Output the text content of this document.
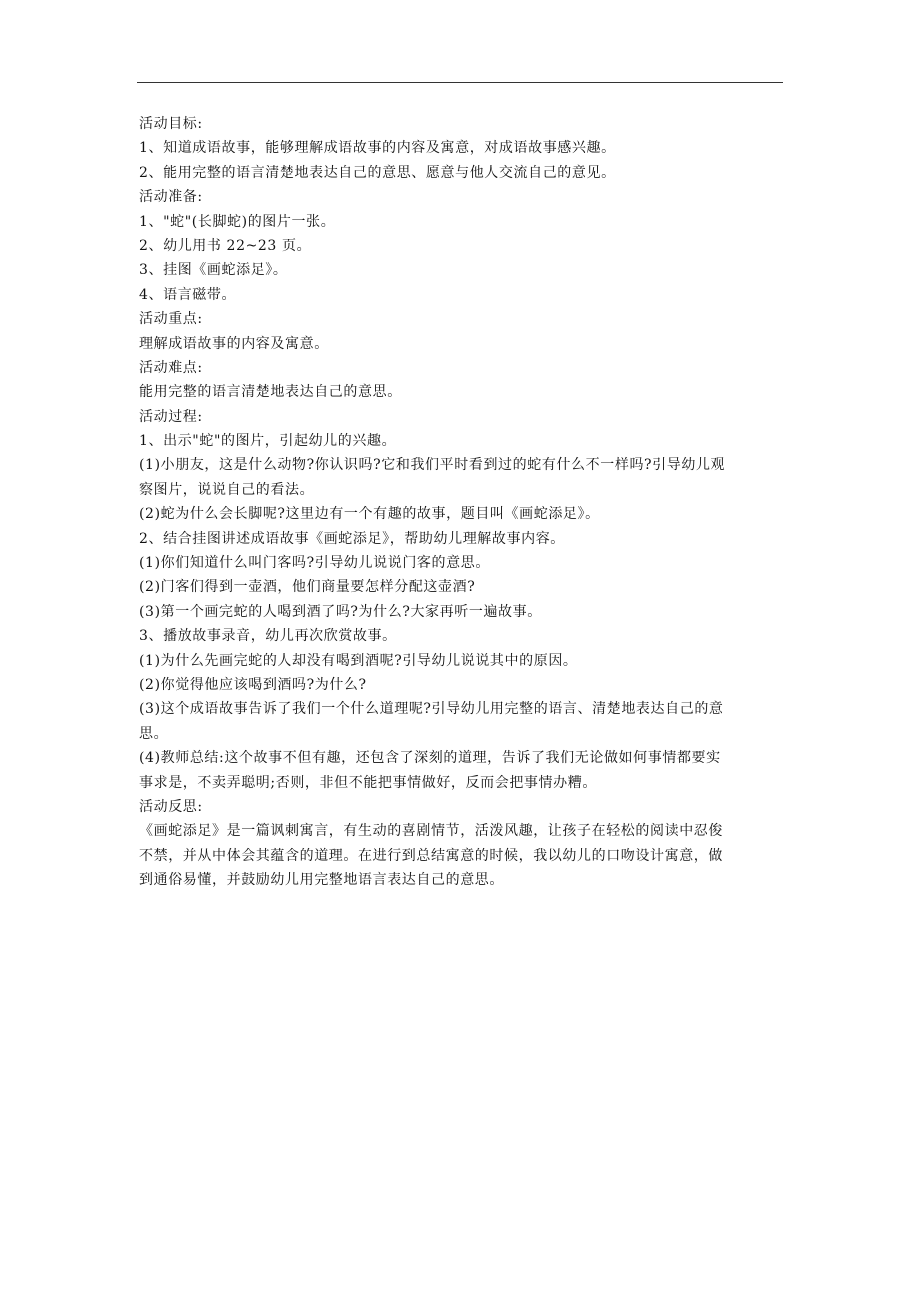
活动目标:
1、知道成语故事，能够理解成语故事的内容及寓意，对成语故事感兴趣。
2、能用完整的语言清楚地表达自己的意思、愿意与他人交流自己的意见。
活动准备:
1、"蛇"(长脚蛇)的图片一张。
2、幼儿用书 22~23 页。
3、挂图《画蛇添足》。
4、语言磁带。
活动重点:
理解成语故事的内容及寓意。
活动难点:
能用完整的语言清楚地表达自己的意思。
活动过程:
1、出示"蛇"的图片，引起幼儿的兴趣。
(1)小朋友，这是什么动物?你认识吗?它和我们平时看到过的蛇有什么不一样吗?引导幼儿观
察图片，说说自己的看法。
(2)蛇为什么会长脚呢?这里边有一个有趣的故事，题目叫《画蛇添足》。
2、结合挂图讲述成语故事《画蛇添足》，帮助幼儿理解故事内容。
(1)你们知道什么叫门客吗?引导幼儿说说门客的意思。
(2)门客们得到一壶酒，他们商量要怎样分配这壶酒?
(3)第一个画完蛇的人喝到酒了吗?为什么?大家再听一遍故事。
3、播放故事录音，幼儿再次欣赏故事。
(1)为什么先画完蛇的人却没有喝到酒呢?引导幼儿说说其中的原因。
(2)你觉得他应该喝到酒吗?为什么?
(3)这个成语故事告诉了我们一个什么道理呢?引导幼儿用完整的语言、清楚地表达自己的意
思。
(4)教师总结:这个故事不但有趣，还包含了深刻的道理，告诉了我们无论做如何事情都要实
事求是，不卖弄聪明;否则，非但不能把事情做好，反而会把事情办糟。
活动反思:
《画蛇添足》是一篇讽刺寓言，有生动的喜剧情节，活泼风趣，让孩子在轻松的阅读中忍俊
不禁，并从中体会其蕴含的道理。在进行到总结寓意的时候，我以幼儿的口吻设计寓意，做
到通俗易懂，并鼓励幼儿用完整地语言表达自己的意思。
